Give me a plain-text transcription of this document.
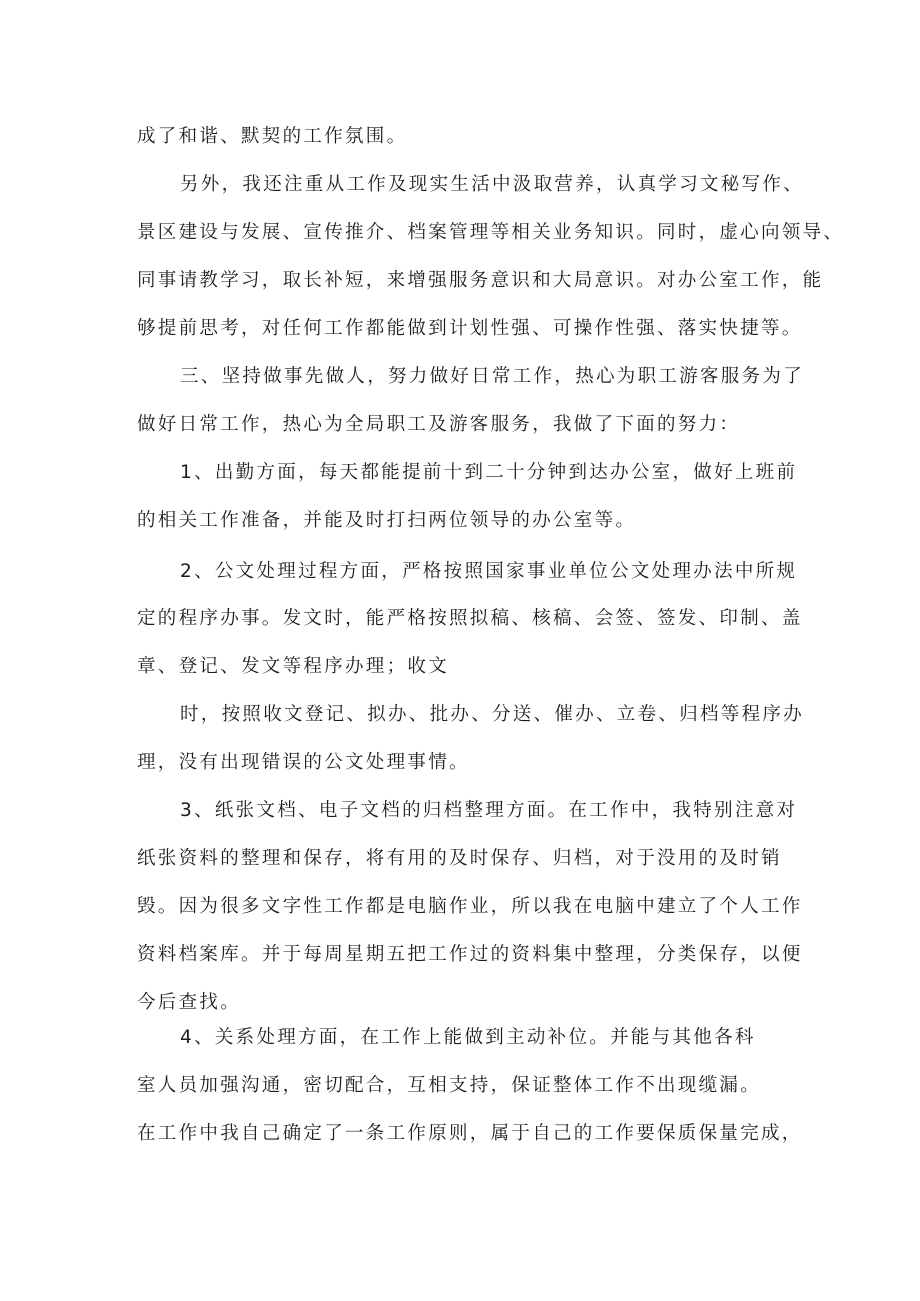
成了和谐、默契的工作氛围。

另外，我还注重从工作及现实生活中汲取营养，认真学习文秘写作、

景区建设与发展、宣传推介、档案管理等相关业务知识。同时，虚心向领导、

同事请教学习，取长补短，来增强服务意识和大局意识。对办公室工作，能

够提前思考，对任何工作都能做到计划性强、可操作性强、落实快捷等。

三、坚持做事先做人，努力做好日常工作，热心为职工游客服务为了

做好日常工作，热心为全局职工及游客服务，我做了下面的努力：

1、出勤方面，每天都能提前十到二十分钟到达办公室，做好上班前

的相关工作准备，并能及时打扫两位领导的办公室等。

2、公文处理过程方面，严格按照国家事业单位公文处理办法中所规

定的程序办事。发文时，能严格按照拟稿、核稿、会签、签发、印制、盖

章、登记、发文等程序办理；收文

时，按照收文登记、拟办、批办、分送、催办、立卷、归档等程序办

理，没有出现错误的公文处理事情。

3、纸张文档、电子文档的归档整理方面。在工作中，我特别注意对

纸张资料的整理和保存，将有用的及时保存、归档，对于没用的及时销

毁。因为很多文字性工作都是电脑作业，所以我在电脑中建立了个人工作

资料档案库。并于每周星期五把工作过的资料集中整理，分类保存，以便

今后查找。

4、关系处理方面，在工作上能做到主动补位。并能与其他各科

室人员加强沟通，密切配合，互相支持，保证整体工作不出现缆漏。

在工作中我自己确定了一条工作原则，属于自己的工作要保质保量完成，
